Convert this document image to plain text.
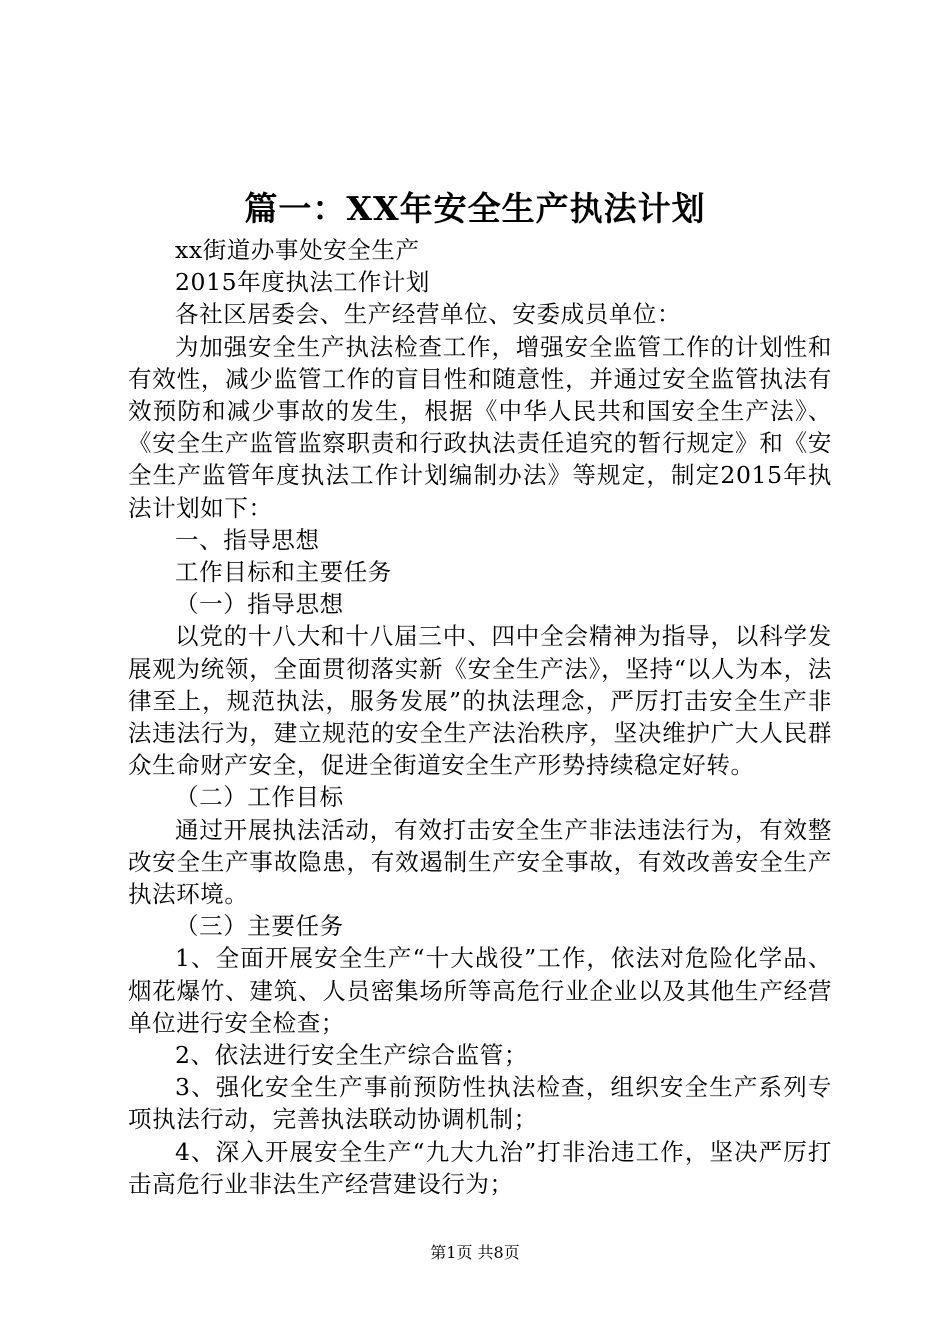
篇一：XX年安全生产执法计划

xx街道办事处安全生产

2015年度执法工作计划

各社区居委会、生产经营单位、安委成员单位：

为加强安全生产执法检查工作，增强安全监管工作的计划性和有效性，减少监管工作的盲目性和随意性，并通过安全监管执法有效预防和减少事故的发生，根据《中华人民共和国安全生产法》、《安全生产监管监察职责和行政执法责任追究的暂行规定》和《安全生产监管年度执法工作计划编制办法》等规定，制定2015年执法计划如下：

一、指导思想

工作目标和主要任务

（一）指导思想

以党的十八大和十八届三中、四中全会精神为指导，以科学发展观为统领，全面贯彻落实新《安全生产法》，坚持“以人为本，法律至上，规范执法，服务发展”的执法理念，严厉打击安全生产非法违法行为，建立规范的安全生产法治秩序，坚决维护广大人民群众生命财产安全，促进全街道安全生产形势持续稳定好转。

（二）工作目标

通过开展执法活动，有效打击安全生产非法违法行为，有效整改安全生产事故隐患，有效遏制生产安全事故，有效改善安全生产执法环境。

（三）主要任务

1、全面开展安全生产“十大战役”工作，依法对危险化学品、烟花爆竹、建筑、人员密集场所等高危行业企业以及其他生产经营单位进行安全检查；

2、依法进行安全生产综合监管；

3、强化安全生产事前预防性执法检查，组织安全生产系列专项执法行动，完善执法联动协调机制；

4、深入开展安全生产“九大九治”打非治违工作，坚决严厉打击高危行业非法生产经营建设行为；

第1页 共8页
